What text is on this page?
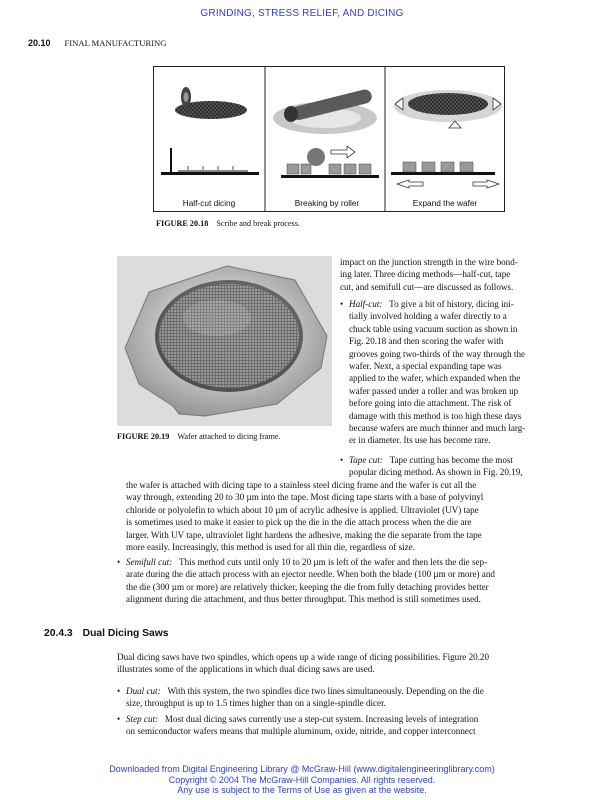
GRINDING, STRESS RELIEF, AND DICING
20.10 FINAL MANUFACTURING
Half-cut dicing	Breaking by roller	Expand the wafer
FIGURE 20.18 Scribe and break process.
FIGURE 20.19 Wafer attached to dicing frame.
impact on the junction strength in the wire bond-
ing later. Three dicing methods—half-cut, tape
cut, and semifull cut—are discussed as follows.
• Half-cut: To give a bit of history, dicing ini-
tially involved holding a wafer directly to a
chuck table using vacuum suction as shown in
Fig. 20.18 and then scoring the wafer with
grooves going two-thirds of the way through the
wafer. Next, a special expanding tape was
applied to the wafer, which expanded when the
wafer passed under a roller and was broken up
before going into die attachment. The risk of
damage with this method is too high these days
because wafers are much thinner and much larg-
er in diameter. Its use has become rare.
• Tape cut: Tape cutting has become the most
popular dicing method. As shown in Fig. 20.19,
the wafer is attached with dicing tape to a stainless steel dicing frame and the wafer is cut all the
way through, extending 20 to 30 µm into the tape. Most dicing tape starts with a base of polyvinyl
chloride or polyolefin to which about 10 µm of acrylic adhesive is applied. Ultraviolet (UV) tape
is sometimes used to make it easier to pick up the die in the die attach process when the die are
larger. With UV tape, ultraviolet light hardens the adhesive, making the die separate from the tape
more easily. Increasingly, this method is used for all thin die, regardless of size.
• Semifull cut: This method cuts until only 10 to 20 µm is left of the wafer and then lets the die sep-
arate during the die attach process with an ejector needle. When both the blade (100 µm or more) and
the die (300 µm or more) are relatively thicker, keeping the die from fully detaching provides better
alignment during die attachment, and thus better throughput. This method is still sometimes used.
20.4.3 Dual Dicing Saws
Dual dicing saws have two spindles, which opens up a wide range of dicing possibilities. Figure 20.20
illustrates some of the applications in which dual dicing saws are used.
• Dual cut: With this system, the two spindles dice two lines simultaneously. Depending on the die
size, throughput is up to 1.5 times higher than on a single-spindle dicer.
• Step cut: Most dual dicing saws currently use a step-cut system. Increasing levels of integration
on semiconductor wafers means that multiple aluminum, oxide, nitride, and copper interconnect
Downloaded from Digital Engineering Library @ McGraw-Hill (www.digitalengineeringlibrary.com)
Copyright © 2004 The McGraw-Hill Companies. All rights reserved.
Any use is subject to the Terms of Use as given at the website.
